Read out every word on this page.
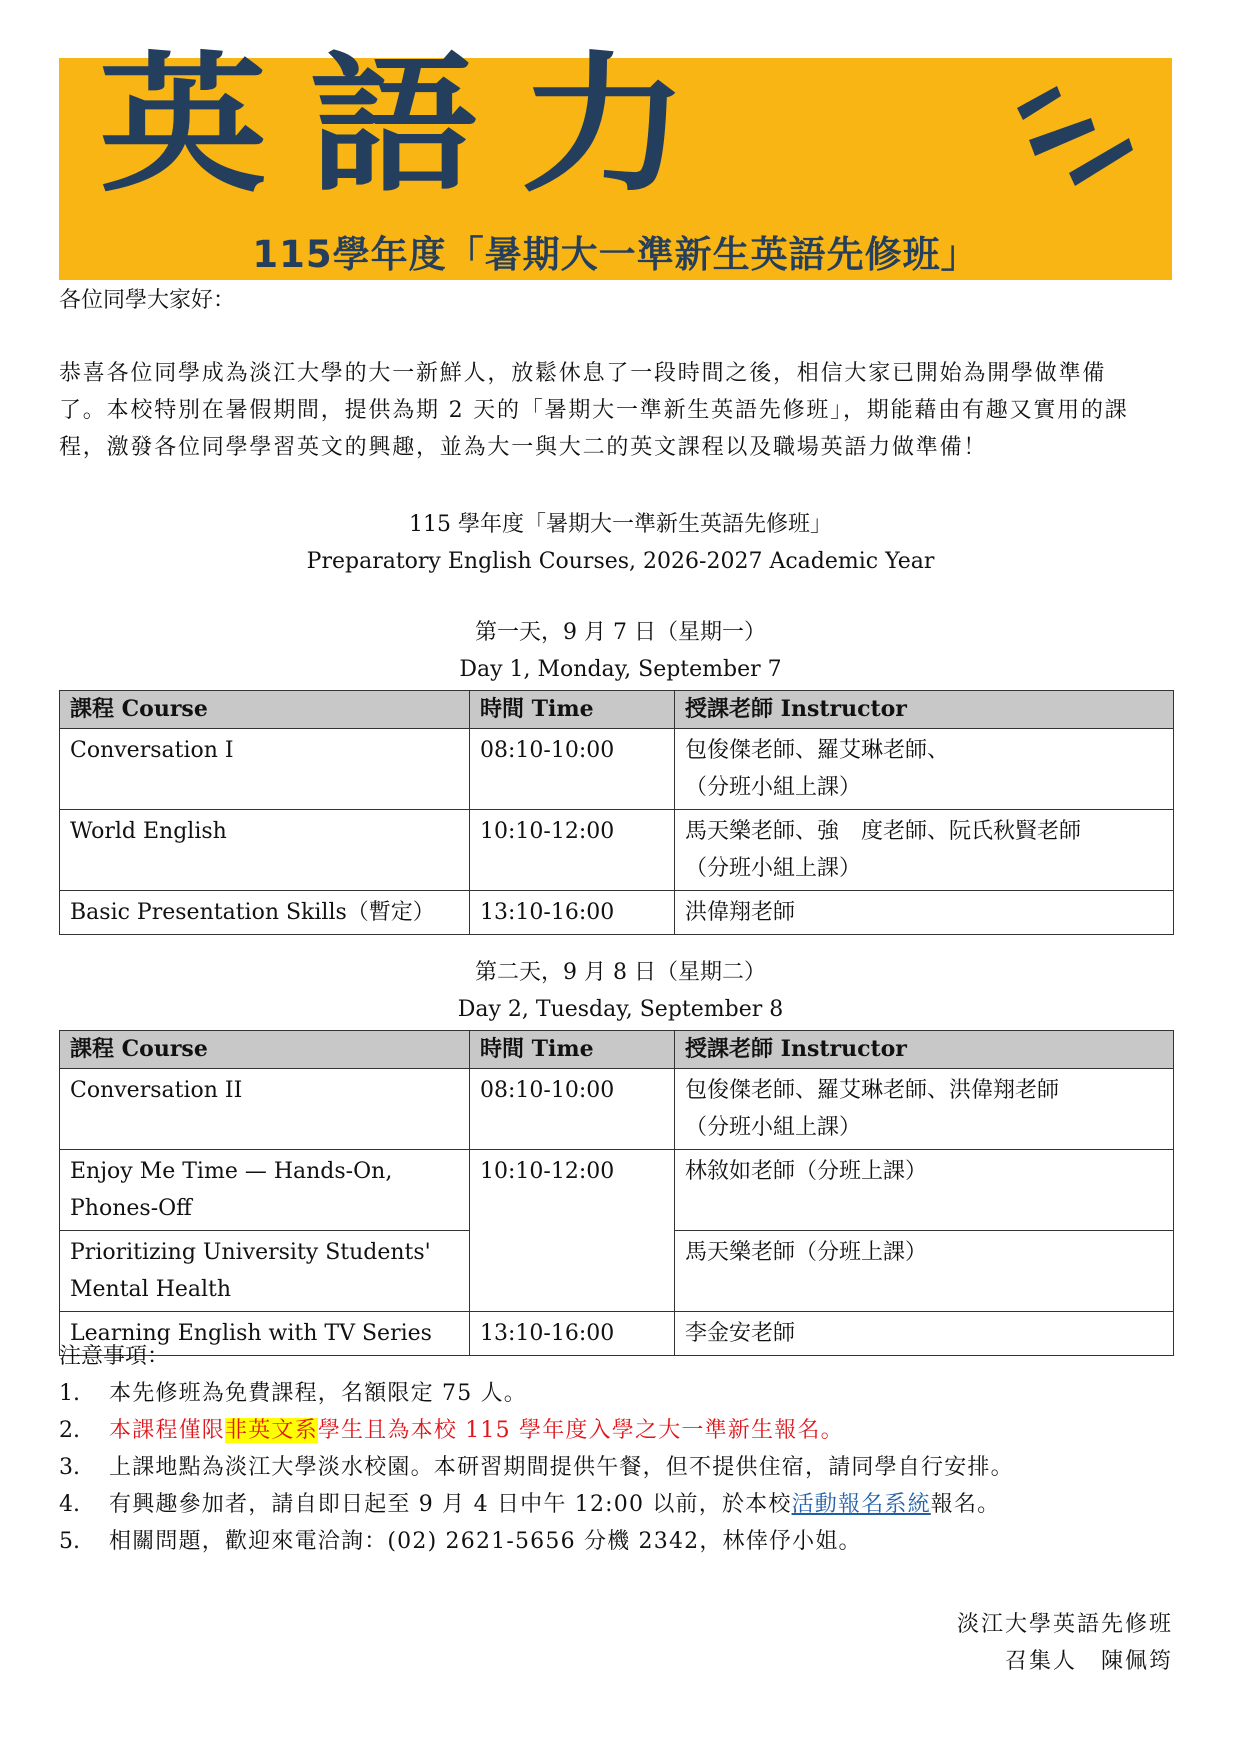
英語力
115學年度「暑期大一準新生英語先修班」
各位同學大家好：
恭喜各位同學成為淡江大學的大一新鮮人，放鬆休息了一段時間之後，相信大家已開始為開學做準備
了。本校特別在暑假期間，提供為期 2 天的「暑期大一準新生英語先修班」，期能藉由有趣又實用的課
程，激發各位同學學習英文的興趣，並為大一與大二的英文課程以及職場英語力做準備！
115 學年度「暑期大一準新生英語先修班」
Preparatory English Courses, 2026-2027 Academic Year
第一天，9 月 7 日（星期一）
Day 1, Monday, September 7
課程 Course	時間 Time	授課老師 Instructor
Conversation I	08:10-10:00	包俊傑老師、羅艾琳老師、
（分班小組上課）

World English	10:10-12:00	馬天樂老師、強　度老師、阮氏秋賢老師
（分班小組上課）

Basic Presentation Skills（暫定）	13:10-16:00	洪偉翔老師
第二天，9 月 8 日（星期二）
Day 2, Tuesday, September 8
課程 Course	時間 Time	授課老師 Instructor
Conversation II	08:10-10:00	包俊傑老師、羅艾琳老師、洪偉翔老師
（分班小組上課）

Enjoy Me Time — Hands-On, Phones-Off	10:10-12:00	林敘如老師（分班上課）
Prioritizing University Students' Mental Health		馬天樂老師（分班上課）
Learning English with TV Series	13:10-16:00	李金安老師
注意事項：
1.	本先修班為免費課程，名額限定 75 人。
2.	本課程僅限非英文系學生且為本校 115 學年度入學之大一準新生報名。
3.	上課地點為淡江大學淡水校園。本研習期間提供午餐，但不提供住宿，請同學自行安排。
4.	有興趣參加者，請自即日起至 9 月 4 日中午 12:00 以前，於本校活動報名系統報名。
5.	相關問題，歡迎來電洽詢：(02) 2621-5656 分機 2342，林倖伃小姐。
淡江大學英語先修班
召集人　陳佩筠
